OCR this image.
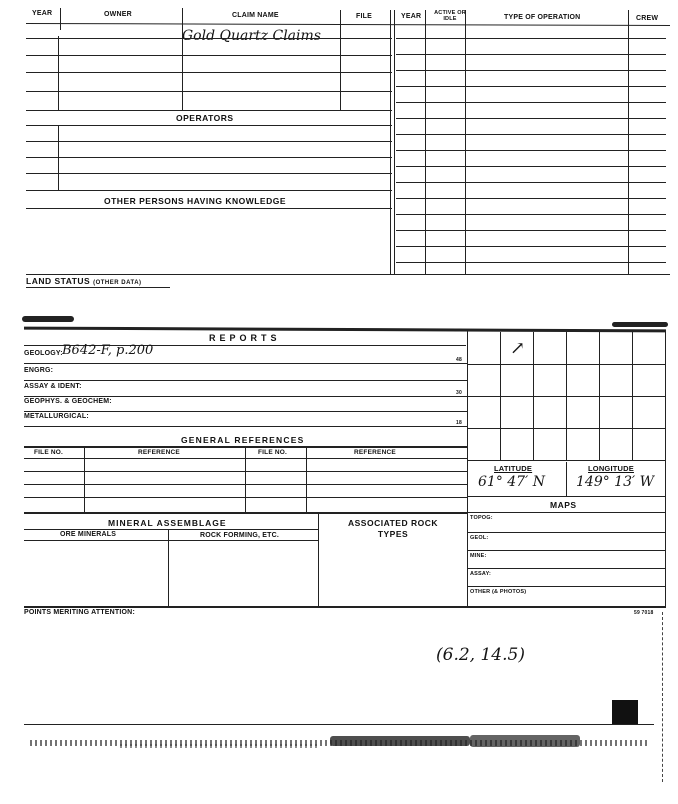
YEAR	OWNER	CLAIM NAME	FILE	YEAR	ACTIVE OR IDLE	TYPE OF OPERATION	CREW
Gold Quartz Claims
OPERATORS
OTHER PERSONS HAVING KNOWLEDGE
LAND STATUS (OTHER DATA)
REPORTS
GEOLOGY: B642-F, p.200
48
ENGRG:
ASSAY & IDENT:
30
GEOPHYS. & GEOCHEM:
METALLURGICAL:
18
GENERAL REFERENCES
FILE NO.	REFERENCE	FILE NO.	REFERENCE
↗
LATITUDE	LONGITUDE
61° 47′ N 149° 13′ W
MAPS
TOPOG:
GEOL:
MINE:
ASSAY:
OTHER (& PHOTOS)
MINERAL ASSEMBLAGE
ORE MINERALS	ROCK FORMING, ETC.
ASSOCIATED ROCK TYPES
POINTS MERITING ATTENTION:	59 7018
(6.2, 14.5)
